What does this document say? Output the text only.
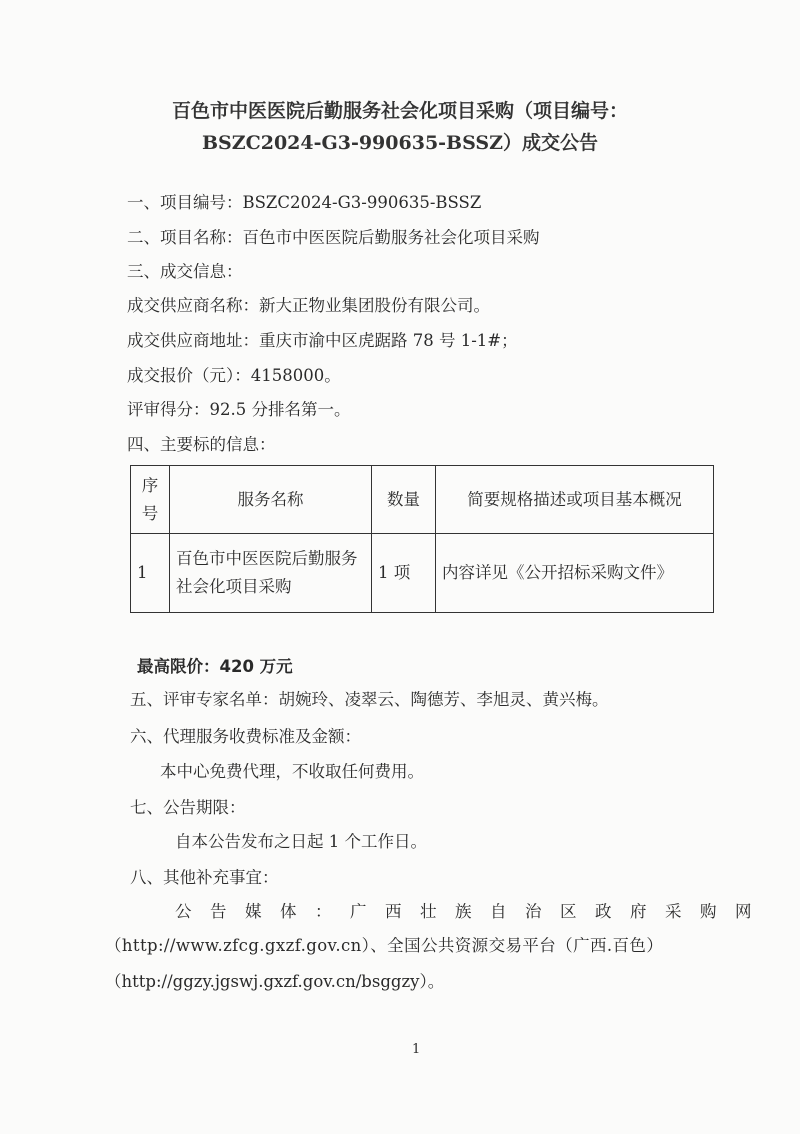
百色市中医医院后勤服务社会化项目采购（项目编号：
BSZC2024-G3-990635-BSSZ）成交公告
一、项目编号：BSZC2024-G3-990635-BSSZ
二、项目名称：百色市中医医院后勤服务社会化项目采购
三、成交信息：
成交供应商名称：新大正物业集团股份有限公司。
成交供应商地址：重庆市渝中区虎踞路 78 号 1-1#；
成交报价（元）：4158000。
评审得分：92.5 分排名第一。
四、主要标的信息：
序号	服务名称	数量	简要规格描述或项目基本概况
1	百色市中医医院后勤服务社会化项目采购	1 项	内容详见《公开招标采购文件》
最高限价：420 万元
五、评审专家名单：胡婉玲、凌翠云、陶德芳、李旭灵、黄兴梅。
六、代理服务收费标准及金额：
本中心免费代理，不收取任何费用。
七、公告期限：
自本公告发布之日起 1 个工作日。
八、其他补充事宜：
公告媒体：广西壮族自治区政府采购网
（http://www.zfcg.gxzf.gov.cn）、全国公共资源交易平台（广西.百色）
（http://ggzy.jgswj.gxzf.gov.cn/bsggzy）。
1
